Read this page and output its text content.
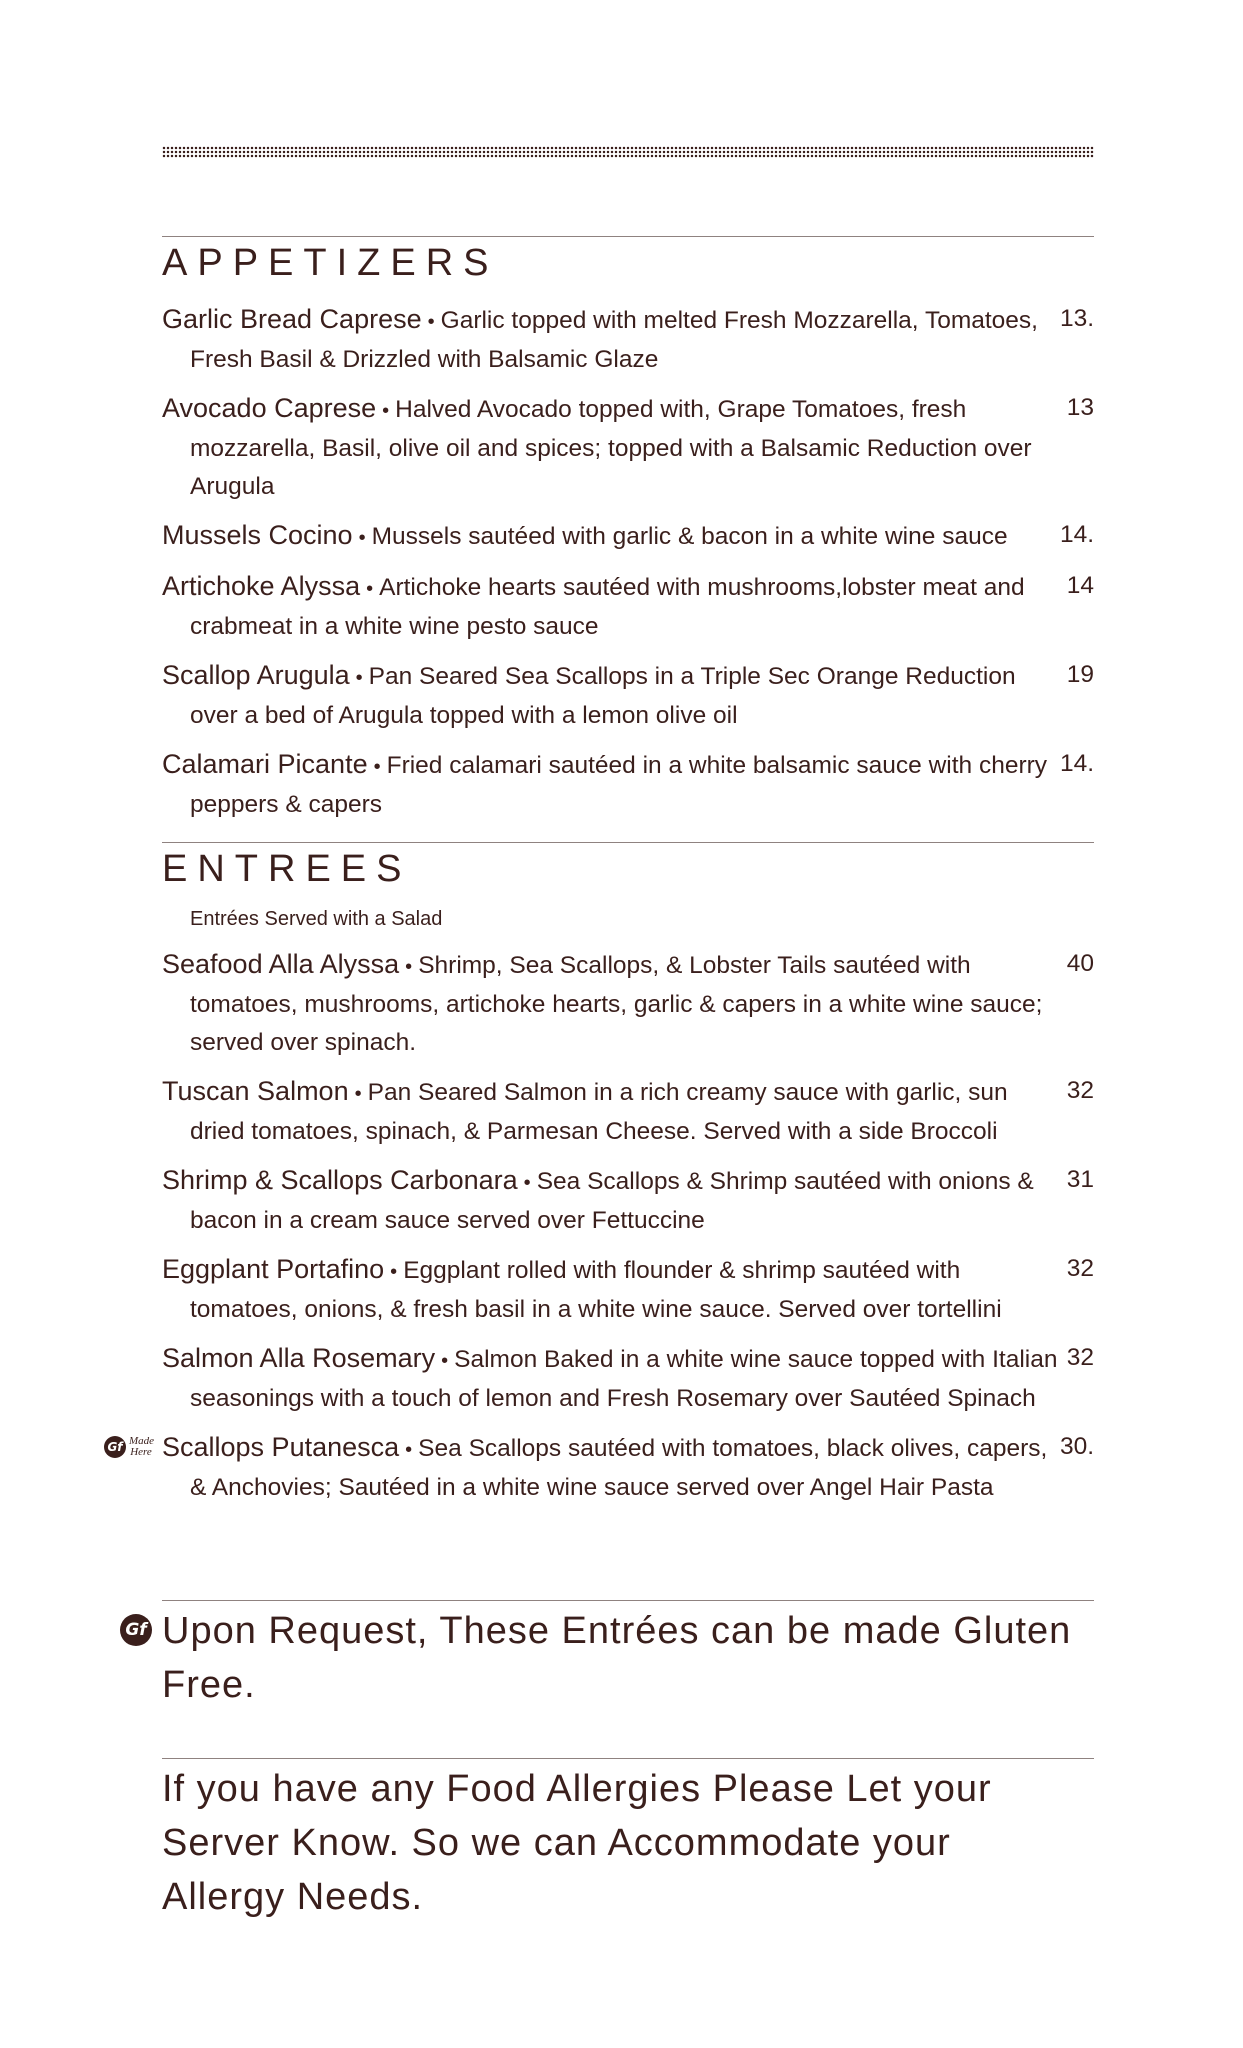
APPETIZERS
Garlic Bread Caprese • Garlic topped with melted Fresh Mozzarella, Tomatoes, Fresh Basil & Drizzled with Balsamic Glaze
13.
Avocado Caprese • Halved Avocado topped with, Grape Tomatoes, fresh mozzarella, Basil, olive oil and spices; topped with a Balsamic Reduction over Arugula
13
Mussels Cocino • Mussels sautéed with garlic & bacon in a white wine sauce	14.
Artichoke Alyssa • Artichoke hearts sautéed with mushrooms,lobster meat and crabmeat in a white wine pesto sauce
14
Scallop Arugula • Pan Seared Sea Scallops in a Triple Sec Orange Reduction over a bed of Arugula topped with a lemon olive oil
19
Calamari Picante • Fried calamari sautéed in a white balsamic sauce with cherry peppers & capers
14.
ENTREES
Entrées Served with a Salad
Seafood Alla Alyssa • Shrimp, Sea Scallops, & Lobster Tails sautéed with tomatoes, mushrooms, artichoke hearts, garlic & capers in a white wine sauce; served over spinach.
40
Tuscan Salmon • Pan Seared Salmon in a rich creamy sauce with garlic, sun dried tomatoes, spinach, & Parmesan Cheese. Served with a side Broccoli
32
Shrimp & Scallops Carbonara • Sea Scallops & Shrimp sautéed with onions & bacon in a cream sauce served over Fettuccine
31
Eggplant Portafino • Eggplant rolled with flounder & shrimp sautéed with tomatoes, onions, & fresh basil in a white wine sauce. Served over tortellini
32
Salmon Alla Rosemary • Salmon Baked in a white wine sauce topped with Italian seasonings with a touch of lemon and Fresh Rosemary over Sautéed Spinach
32
Gf Made Here Scallops Putanesca • Sea Scallops sautéed with tomatoes, black olives, capers, & Anchovies; Sautéed in a white wine sauce served over Angel Hair Pasta
30.
Gf Upon Request, These Entrées can be made Gluten Free.
If you have any Food Allergies Please Let your Server Know. So we can Accommodate your Allergy Needs.
